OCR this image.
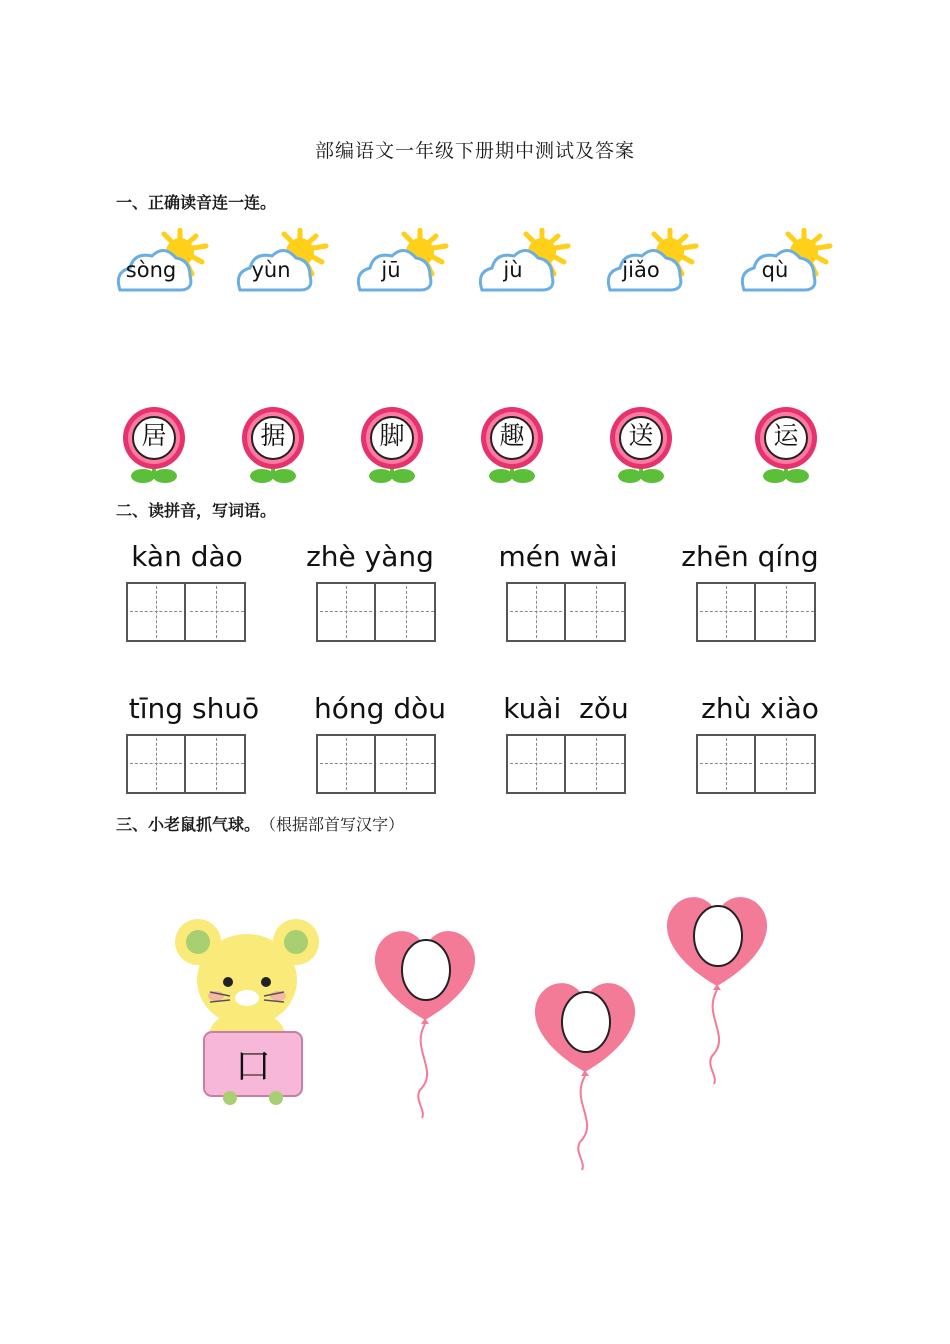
部编语文一年级下册期中测试及答案
一、正确读音连一连。
sòng	yùn	jū	jù	jiǎo	qù
居	据	脚	趣	送	运
二、读拼音，写词语。
kàn dào	zhè yàng	mén wài	zhēn qíng
tīng shuō	hóng dòu	kuài  zǒu	zhù xiào
三、小老鼠抓气球。 （根据部首写汉字）
口
